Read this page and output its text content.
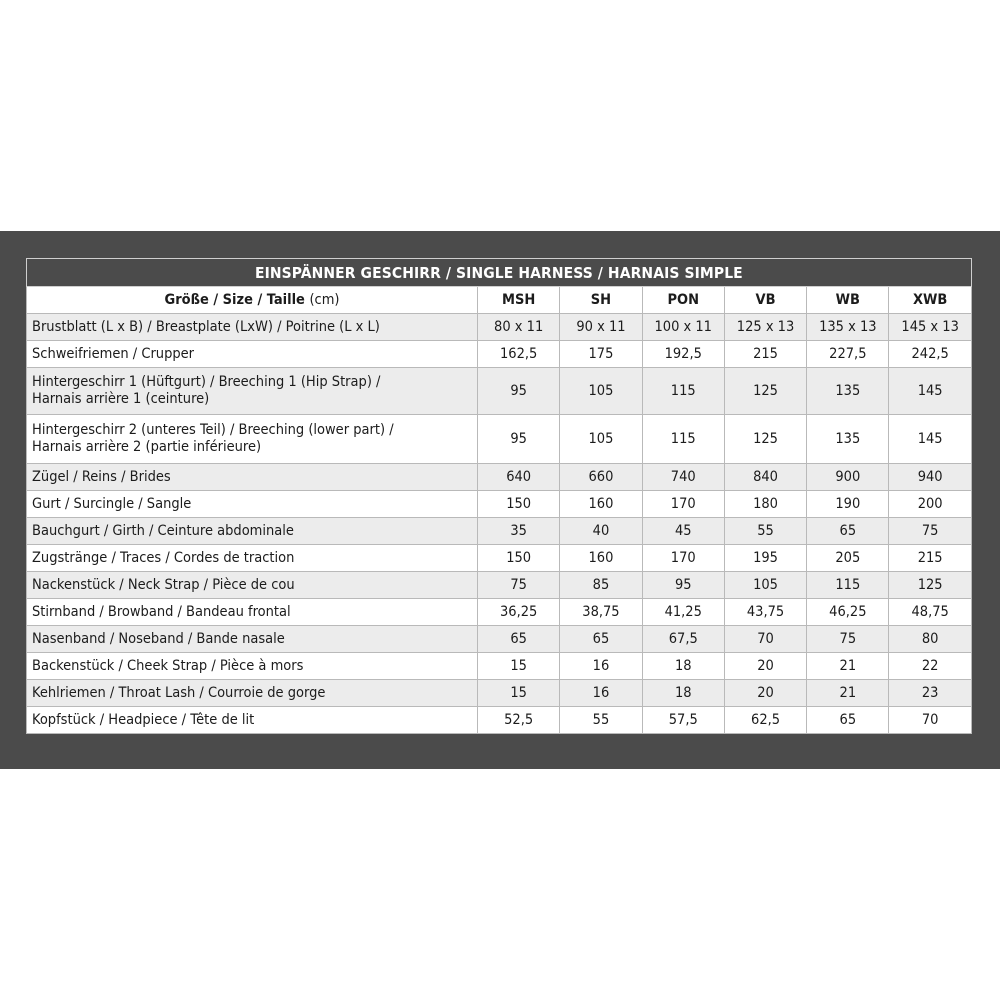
EINSPÄNNER GESCHIRR / SINGLE HARNESS / HARNAIS SIMPLE						
Größe / Size / Taille (cm)	MSH	SH	PON	VB	WB	XWB
Brustblatt (L x B) / Breastplate (LxW) / Poitrine (L x L)	80 x 11	90 x 11	100 x 11	125 x 13	135 x 13	145 x 13
Schweifriemen / Crupper	162,5	175	192,5	215	227,5	242,5
Hintergeschirr 1 (Hüftgurt) / Breeching 1 (Hip Strap) /
Harnais arrière 1 (ceinture)	95	105	115	125	135	145
Hintergeschirr 2 (unteres Teil) / Breeching (lower part) /
Harnais arrière 2 (partie inférieure)	95	105	115	125	135	145
Zügel / Reins / Brides	640	660	740	840	900	940
Gurt / Surcingle / Sangle	150	160	170	180	190	200
Bauchgurt / Girth / Ceinture abdominale	35	40	45	55	65	75
Zugstränge / Traces / Cordes de traction	150	160	170	195	205	215
Nackenstück / Neck Strap / Pièce de cou	75	85	95	105	115	125
Stirnband / Browband / Bandeau frontal	36,25	38,75	41,25	43,75	46,25	48,75
Nasenband / Noseband / Bande nasale	65	65	67,5	70	75	80
Backenstück / Cheek Strap / Pièce à mors	15	16	18	20	21	22
Kehlriemen / Throat Lash / Courroie de gorge	15	16	18	20	21	23
Kopfstück / Headpiece / Tête de lit	52,5	55	57,5	62,5	65	70
